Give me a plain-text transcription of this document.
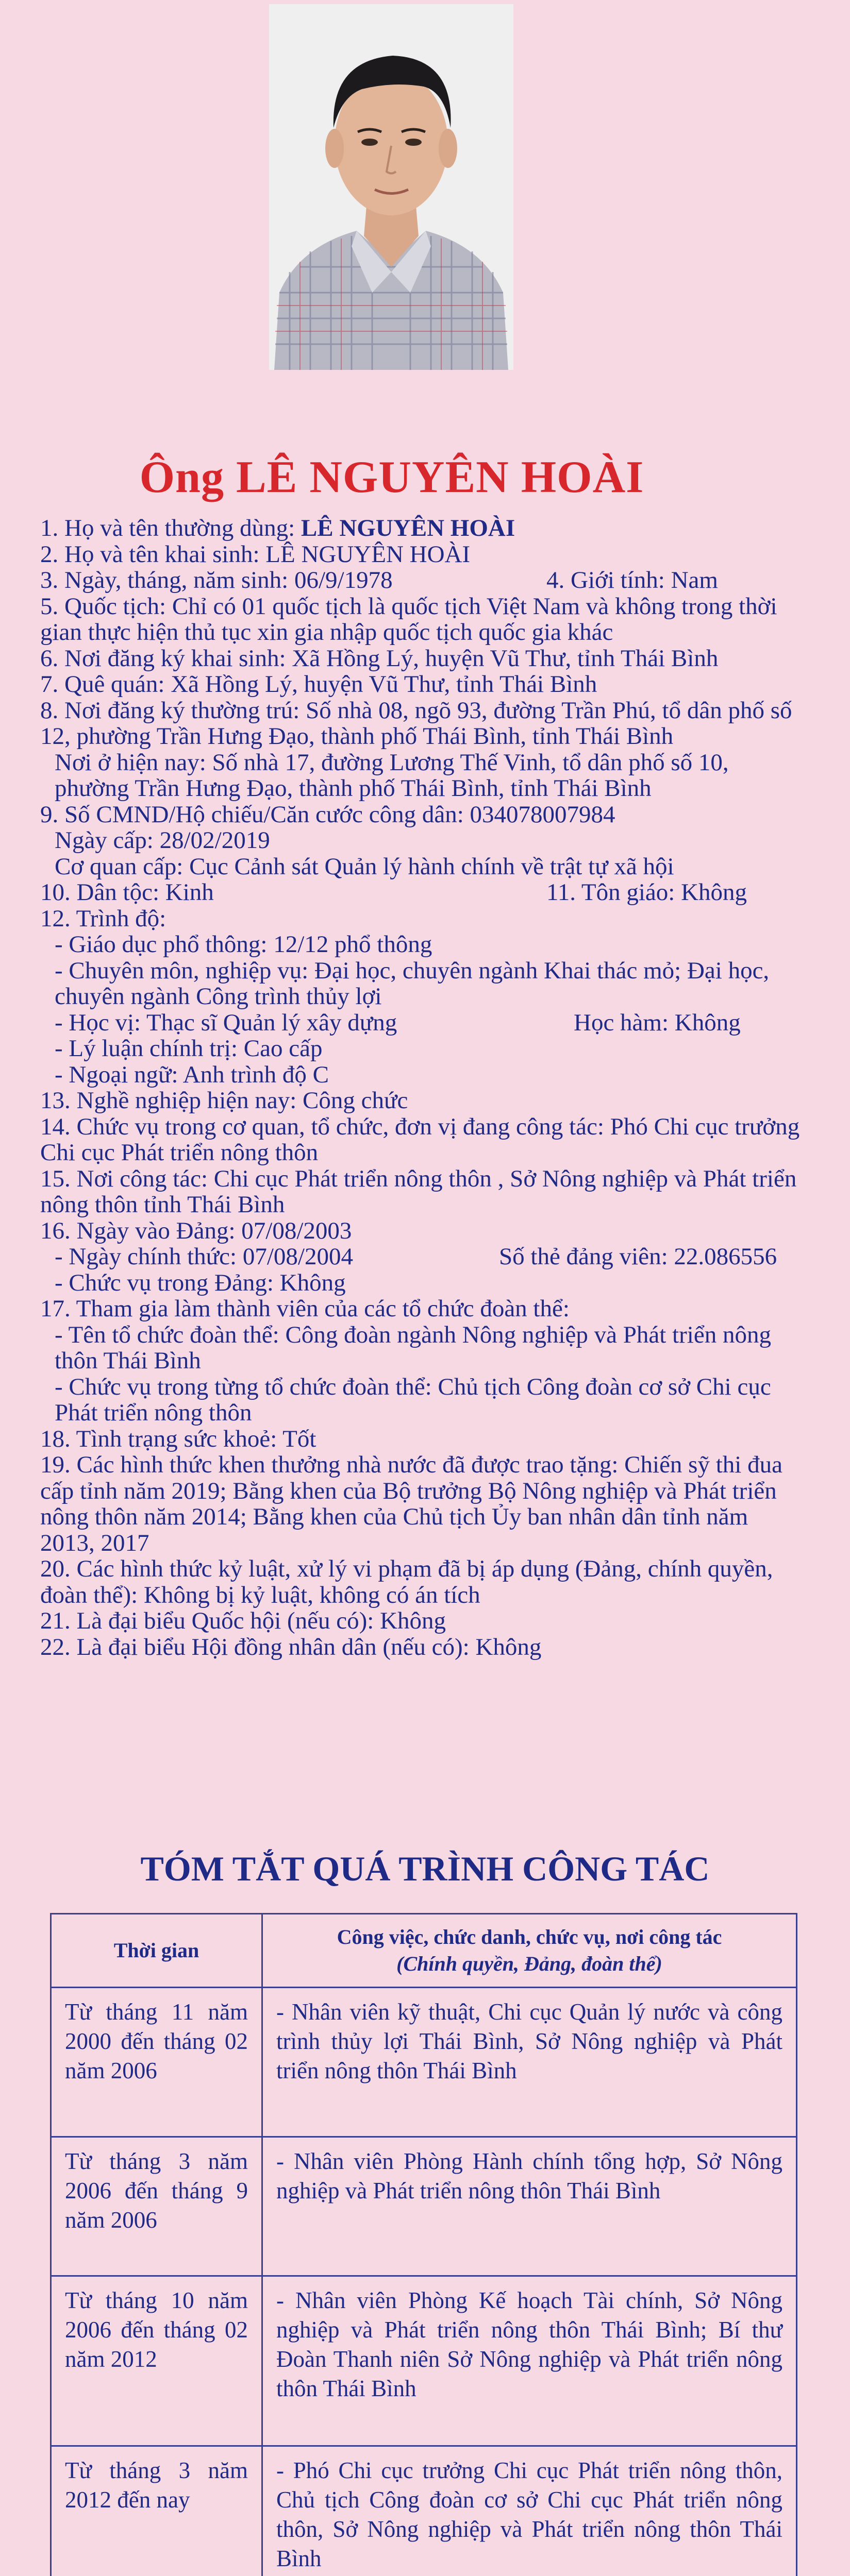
Ông LÊ NGUYÊN HOÀI
1. Họ và tên thường dùng: LÊ NGUYÊN HOÀI
2. Họ và tên khai sinh: LÊ NGUYÊN HOÀI
3. Ngày, tháng, năm sinh: 06/9/1978	4. Giới tính: Nam
5. Quốc tịch: Chỉ có 01 quốc tịch là quốc tịch Việt Nam và không trong thời gian thực hiện thủ tục xin gia nhập quốc tịch quốc gia khác
6. Nơi đăng ký khai sinh: Xã Hồng Lý, huyện Vũ Thư, tỉnh Thái Bình
7. Quê quán: Xã Hồng Lý, huyện Vũ Thư, tỉnh Thái Bình
8. Nơi đăng ký thường trú: Số nhà 08, ngõ 93, đường Trần Phú, tổ dân phố số 12, phường Trần Hưng Đạo, thành phố Thái Bình, tỉnh Thái Bình
Nơi ở hiện nay: Số nhà 17, đường Lương Thế Vinh, tổ dân phố số 10, phường Trần Hưng Đạo, thành phố Thái Bình, tỉnh Thái Bình
9. Số CMND/Hộ chiếu/Căn cước công dân: 034078007984
Ngày cấp: 28/02/2019
Cơ quan cấp: Cục Cảnh sát Quản lý hành chính về trật tự xã hội
10. Dân tộc: Kinh	11. Tôn giáo: Không
12. Trình độ:
- Giáo dục phổ thông: 12/12 phổ thông
- Chuyên môn, nghiệp vụ: Đại học, chuyên ngành Khai thác mỏ; Đại học, chuyên ngành Công trình thủy lợi
- Học vị: Thạc sĩ Quản lý xây dựng	Học hàm: Không
- Lý luận chính trị: Cao cấp
- Ngoại ngữ: Anh trình độ C
13. Nghề nghiệp hiện nay: Công chức
14. Chức vụ trong cơ quan, tổ chức, đơn vị đang công tác: Phó Chi cục trưởng Chi cục Phát triển nông thôn
15. Nơi công tác: Chi cục Phát triển nông thôn , Sở Nông nghiệp và Phát triển nông thôn tỉnh Thái Bình
16. Ngày vào Đảng: 07/08/2003
- Ngày chính thức: 07/08/2004	Số thẻ đảng viên: 22.086556
- Chức vụ trong Đảng: Không
17. Tham gia làm thành viên của các tổ chức đoàn thể:
- Tên tổ chức đoàn thể: Công đoàn ngành Nông nghiệp và Phát triển nông thôn Thái Bình
- Chức vụ trong từng tổ chức đoàn thể: Chủ tịch Công đoàn cơ sở Chi cục Phát triển nông thôn
18. Tình trạng sức khoẻ: Tốt
19. Các hình thức khen thưởng nhà nước đã được trao tặng: Chiến sỹ thi đua cấp tỉnh năm 2019; Bằng khen của Bộ trưởng Bộ Nông nghiệp và Phát triển nông thôn năm 2014; Bằng khen của Chủ tịch Ủy ban nhân dân tỉnh năm 2013, 2017
20. Các hình thức kỷ luật, xử lý vi phạm đã bị áp dụng (Đảng, chính quyền, đoàn thể): Không bị kỷ luật, không có án tích
21. Là đại biểu Quốc hội (nếu có): Không
22. Là đại biểu Hội đồng nhân dân (nếu có): Không
TÓM TẮT QUÁ TRÌNH CÔNG TÁC
Thời gian	Công việc, chức danh, chức vụ, nơi công tác
(Chính quyền, Đảng, đoàn thể)

Từ tháng 11 năm 2000 đến tháng 02 năm 2006	- Nhân viên kỹ thuật, Chi cục Quản lý nước và công trình thủy lợi Thái Bình, Sở Nông nghiệp và Phát triển nông thôn Thái Bình
Từ tháng 3 năm 2006 đến tháng 9 năm 2006	- Nhân viên Phòng Hành chính tổng hợp, Sở Nông nghiệp và Phát triển nông thôn Thái Bình
Từ tháng 10 năm 2006 đến tháng 02 năm 2012	- Nhân viên Phòng Kế hoạch Tài chính, Sở Nông nghiệp và Phát triển nông thôn Thái Bình; Bí thư Đoàn Thanh niên Sở Nông nghiệp và Phát triển nông thôn Thái Bình
Từ tháng 3 năm 2012 đến nay	- Phó Chi cục trưởng Chi cục Phát triển nông thôn, Chủ tịch Công đoàn cơ sở Chi cục Phát triển nông thôn, Sở Nông nghiệp và Phát triển nông thôn Thái Bình
